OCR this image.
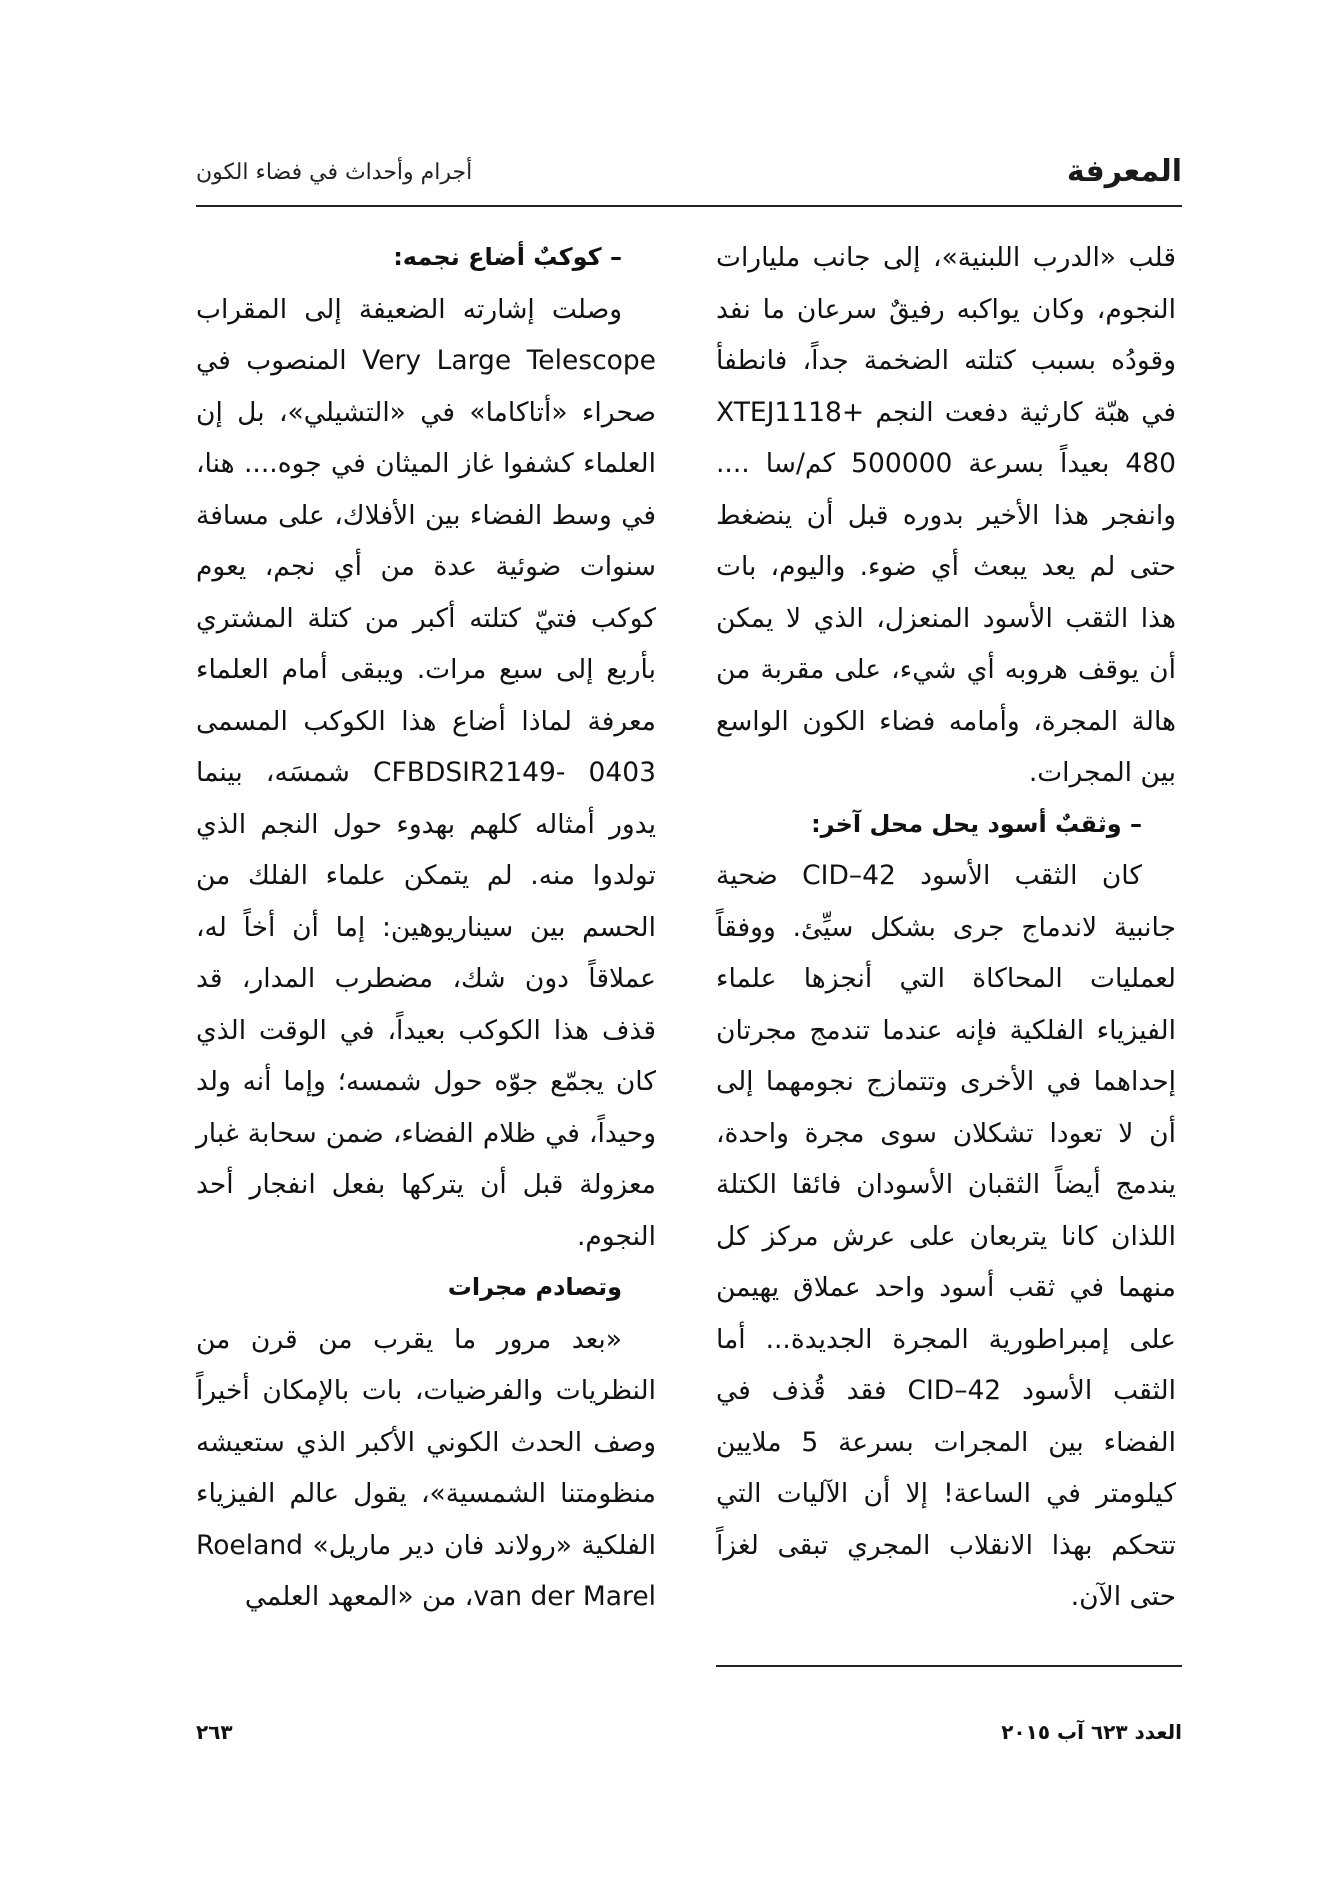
المعرفة
أجرام وأحداث في فضاء الكون

قلب «الدرب اللبنية»، إلى جانب مليارات النجوم، وكان يواكبه رفيقٌ سرعان ما نفد وقودُه بسبب كتلته الضخمة جداً، فانطفأ في هبّة كارثية دفعت النجم XTEJ1118+ 480 بعيداً بسرعة 500000 كم/سا .... وانفجر هذا الأخير بدوره قبل أن ينضغط حتى لم يعد يبعث أي ضوء. واليوم، بات هذا الثقب الأسود المنعزل، الذي لا يمكن أن يوقف هروبه أي شيء، على مقربة من هالة المجرة، وأمامه فضاء الكون الواسع بين المجرات.

– وثقبٌ أسود يحل محل آخر:

كان الثقب الأسود CID–42 ضحية جانبية لاندماج جرى بشكل سيِّئ. ووفقاً لعمليات المحاكاة التي أنجزها علماء الفيزياء الفلكية فإنه عندما تندمج مجرتان إحداهما في الأخرى وتتمازج نجومهما إلى أن لا تعودا تشكلان سوى مجرة واحدة، يندمج أيضاً الثقبان الأسودان فائقا الكتلة اللذان كانا يتربعان على عرش مركز كل منهما في ثقب أسود واحد عملاق يهيمن على إمبراطورية المجرة الجديدة... أما الثقب الأسود CID–42 فقد قُذف في الفضاء بين المجرات بسرعة 5 ملايين كيلومتر في الساعة! إلا أن الآليات التي تتحكم بهذا الانقلاب المجري تبقى لغزاً حتى الآن.

– كوكبٌ أضاع نجمه:

وصلت إشارته الضعيفة إلى المقراب Very Large Telescope المنصوب في صحراء «أتاكاما» في «التشيلي»، بل إن العلماء كشفوا غاز الميثان في جوه.... هنا، في وسط الفضاء بين الأفلاك، على مسافة سنوات ضوئية عدة من أي نجم، يعوم كوكب فتيّ كتلته أكبر من كتلة المشتري بأربع إلى سبع مرات. ويبقى أمام العلماء معرفة لماذا أضاع هذا الكوكب المسمى CFBDSIR2149- 0403 شمسَه، بينما يدور أمثاله كلهم بهدوء حول النجم الذي تولدوا منه. لم يتمكن علماء الفلك من الحسم بين سيناريوهين: إما أن أخاً له، عملاقاً دون شك، مضطرب المدار، قد قذف هذا الكوكب بعيداً، في الوقت الذي كان يجمّع جوّه حول شمسه؛ وإما أنه ولد وحيداً، في ظلام الفضاء، ضمن سحابة غبار معزولة قبل أن يتركها بفعل انفجار أحد النجوم.

وتصادم مجرات

«بعد مرور ما يقرب من قرن من النظريات والفرضيات، بات بالإمكان أخيراً وصف الحدث الكوني الأكبر الذي ستعيشه منظومتنا الشمسية»، يقول عالم الفيزياء الفلكية «رولاند فان دير ماريل» Roeland van der Marel، من «المعهد العلمي

العدد ٦٢٣ آب ٢٠١٥
٢٦٣
